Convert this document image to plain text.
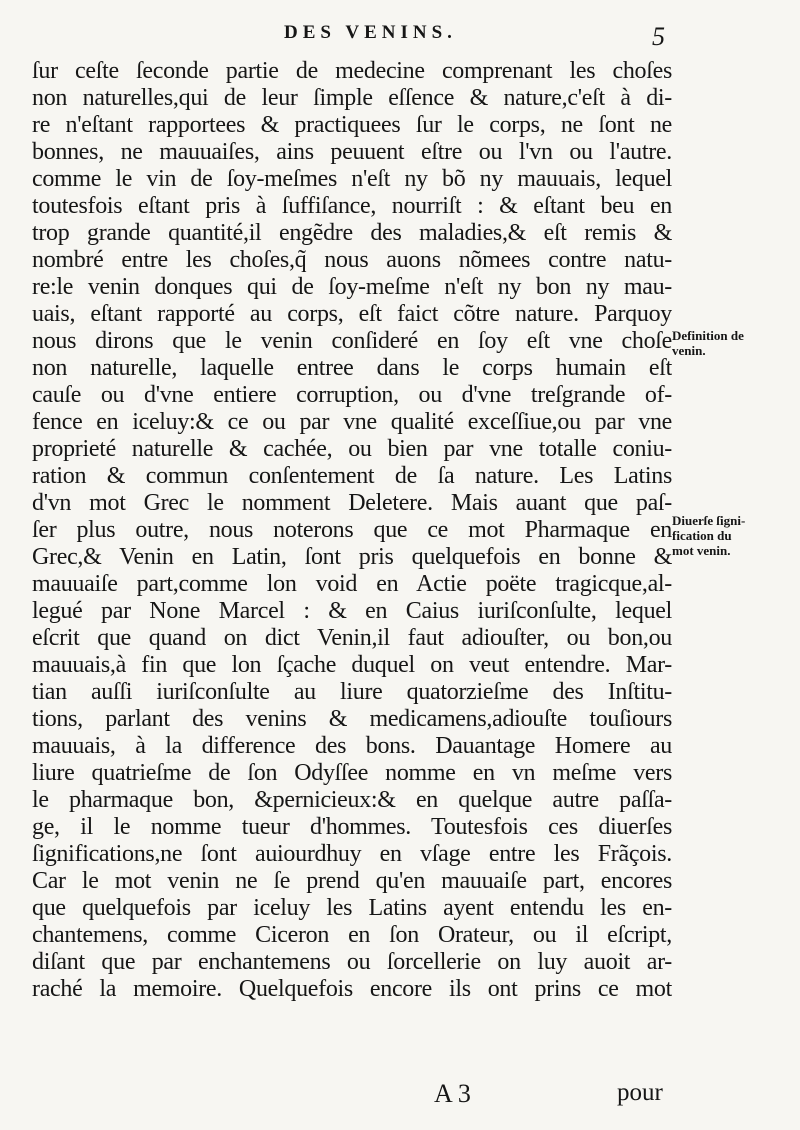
DES VENINS.	5
ſur ceſte ſeconde partie de medecine comprenant les choſes
non naturelles,qui de leur ſimple eſſence & nature,c'eſt à di-
re n'eſtant rapportees & practiquees ſur le corps, ne ſont ne
bonnes, ne mauuaiſes, ains peuuent eſtre ou l'vn ou l'autre.
comme le vin de ſoy-meſmes n'eſt ny bõ ny mauuais, lequel
toutesfois eſtant pris à ſuffiſance, nourriſt : & eſtant beu en
trop grande quantité,il engẽdre des maladies,& eſt remis &
nombré entre les choſes,q̃ nous auons nõmees contre natu-
re:le venin donques qui de ſoy-meſme n'eſt ny bon ny mau-
uais, eſtant rapporté au corps, eſt faict cõtre nature. Parquoy
nous dirons que le venin conſideré en ſoy eſt vne choſe
non naturelle, laquelle entree dans le corps humain eſt
cauſe ou d'vne entiere corruption, ou d'vne treſgrande of-
fence en iceluy:& ce ou par vne qualité exceſſiue,ou par vne
proprieté naturelle & cachée, ou bien par vne totalle coniu-
ration & commun conſentement de ſa nature. Les Latins
d'vn mot Grec le nomment Deletere. Mais auant que paſ-
ſer plus outre, nous noterons que ce mot Pharmaque en
Grec,& Venin en Latin, ſont pris quelquefois en bonne &
mauuaiſe part,comme lon void en Actie poëte tragicque,al-
legué par None Marcel : & en Caius iuriſconſulte, lequel
eſcrit que quand on dict Venin,il faut adiouſter, ou bon,ou
mauuais,à fin que lon ſçache duquel on veut entendre. Mar-
tian auſſi iuriſconſulte au liure quatorzieſme des Inſtitu-
tions, parlant des venins & medicamens,adiouſte touſiours
mauuais, à la difference des bons. Dauantage Homere au
liure quatrieſme de ſon Odyſſee nomme en vn meſme vers
le pharmaque bon, &pernicieux:& en quelque autre paſſa-
ge, il le nomme tueur d'hommes. Toutesfois ces diuerſes
ſignifications,ne ſont auiourdhuy en vſage entre les Frãçois.
Car le mot venin ne ſe prend qu'en mauuaiſe part, encores
que quelquefois par iceluy les Latins ayent entendu les en-
chantemens, comme Ciceron en ſon Orateur, ou il eſcript,
diſant que par enchantemens ou ſorcellerie on luy auoit ar-
raché la memoire. Quelquefois encore ils ont prins ce mot
Definition de
venin.
Diuerſe ſigni-
fication du
mot venin.
A 3	pour
